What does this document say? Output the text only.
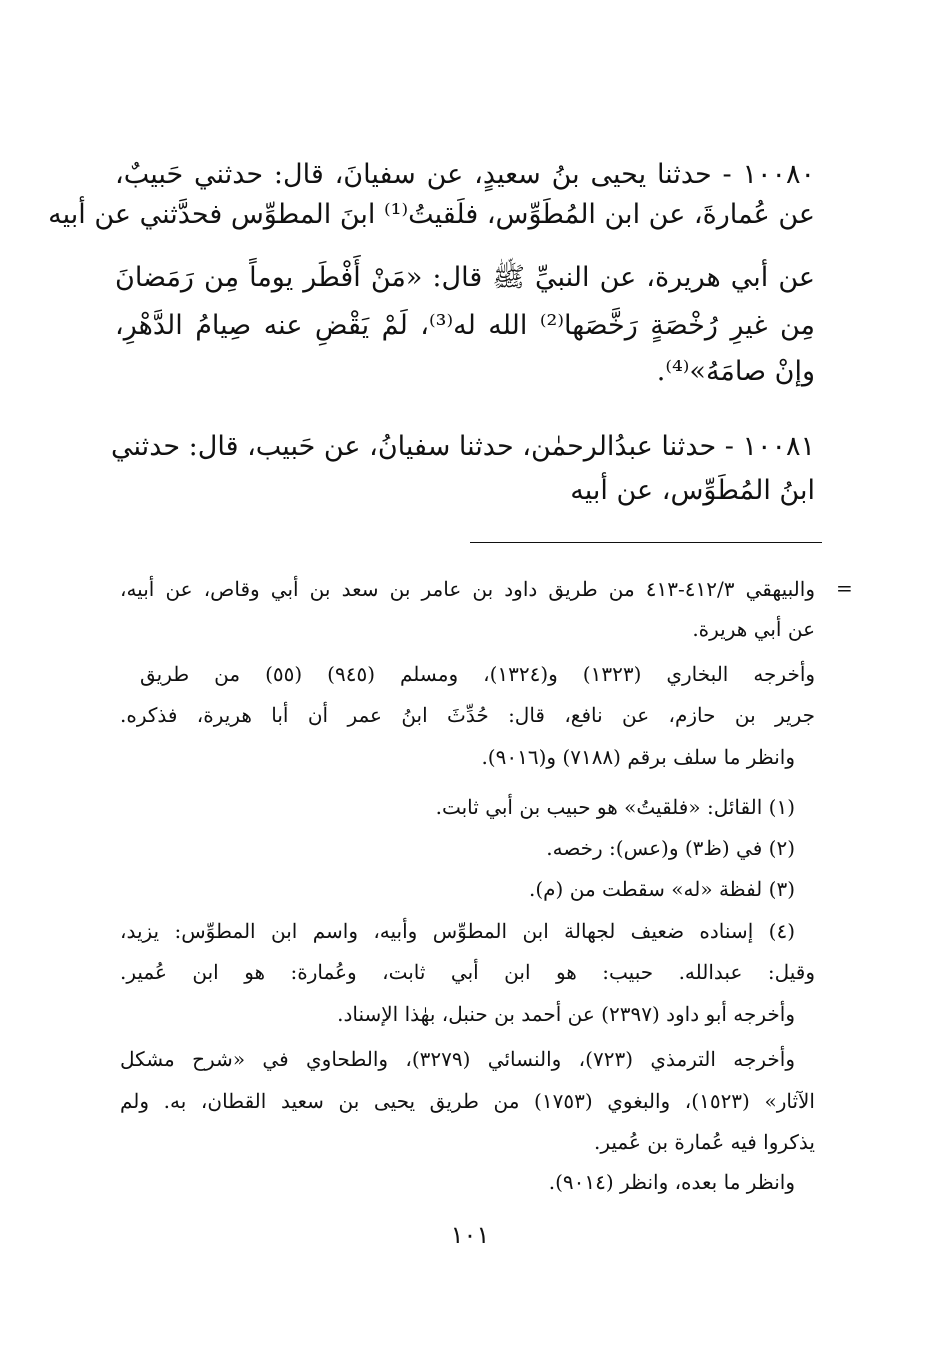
١٠٠٨٠ - حدثنا يحيى بنُ سعيدٍ، عن سفيانَ، قال: حدثني حَبيبٌ،
عن عُمارةَ، عن ابن المُطَوِّس، فلَقيتُ⁽¹⁾ ابنَ المطوِّس فحدَّثني عن أبيه
عن أبي هريرة، عن النبيِّ ﷺ قال: «مَنْ أَفْطَر يوماً مِن رَمَضانَ
مِن غيرِ رُخْصَةٍ رَخَّصَها⁽²⁾ الله له⁽³⁾، لَمْ يَقْضِ عنه صِيامُ الدَّهْرِ،
وإنْ صامَهُ»⁽⁴⁾.
١٠٠٨١ - حدثنا عبدُالرحمٰن، حدثنا سفيانُ، عن حَبيب، قال: حدثني
ابنُ المُطَوِّس، عن أبيه
=
والبيهقي ٤١٢/٣-٤١٣ من طريق داود بن عامر بن سعد بن أبي وقاص، عن أبيه،
عن أبي هريرة.
وأخرجه البخاري (١٣٢٣) و(١٣٢٤)، ومسلم (٩٤٥) (٥٥) من طريق
جرير بن حازم، عن نافع، قال: حُدِّثَ ابنُ عمر أن أبا هريرة، فذكره.
وانظر ما سلف برقم (٧١٨٨) و(٩٠١٦).
(١) القائل: «فلقيتُ» هو حبيب بن أبي ثابت.
(٢) في (ظ٣) و(عس): رخصه.
(٣) لفظة «له» سقطت من (م).
(٤) إسناده ضعيف لجهالة ابن المطوِّس وأبيه، واسم ابن المطوِّس: يزيد،
وقيل: عبدالله. حبيب: هو ابن أبي ثابت، وعُمارة: هو ابن عُمير.
وأخرجه أبو داود (٢٣٩٧) عن أحمد بن حنبل، بهٰذا الإسناد.
وأخرجه الترمذي (٧٢٣)، والنسائي (٣٢٧٩)، والطحاوي في «شرح مشكل
الآثار» (١٥٢٣)، والبغوي (١٧٥٣) من طريق يحيى بن سعيد القطان، به. ولم
يذكروا فيه عُمارة بن عُمير.
وانظر ما بعده، وانظر (٩٠١٤).
١٠١
